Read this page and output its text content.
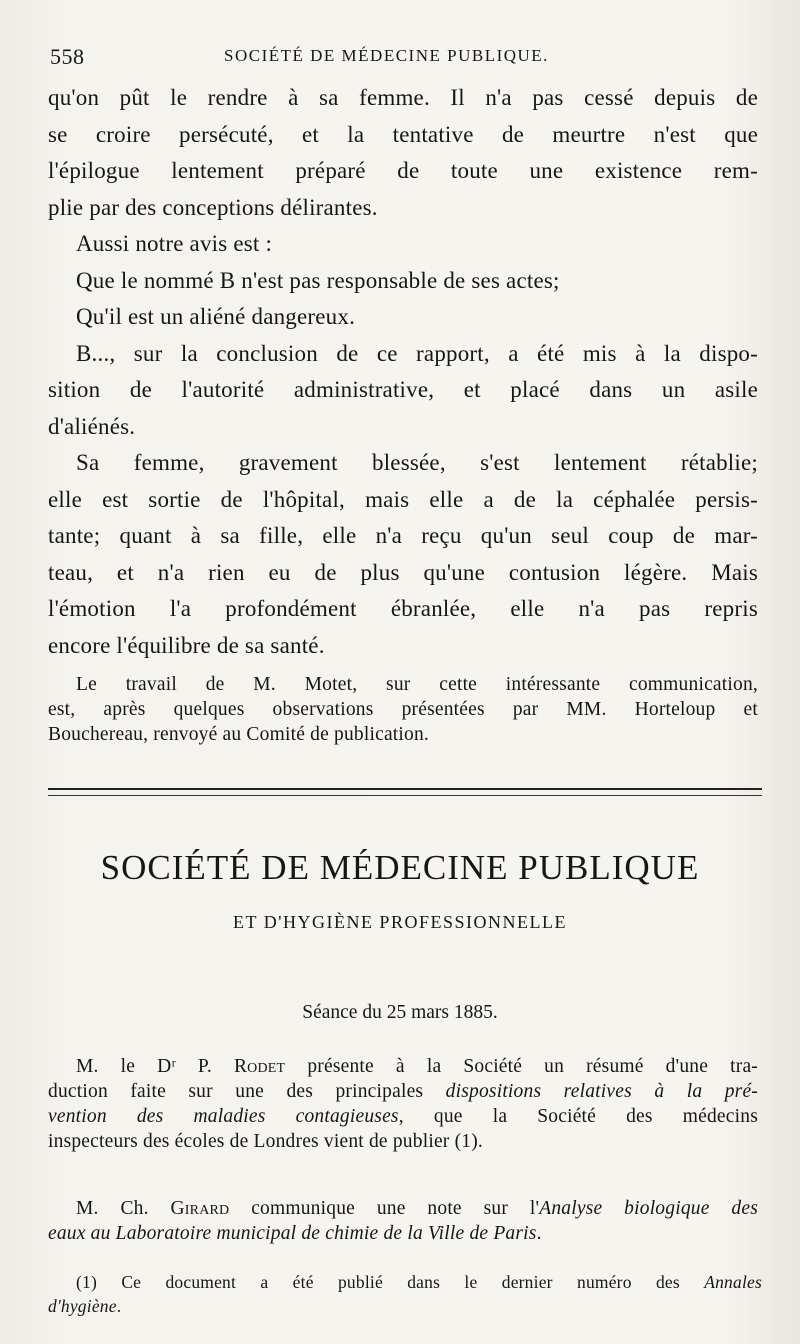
558	SOCIÉTÉ DE MÉDECINE PUBLIQUE.
qu'on pût le rendre à sa femme. Il n'a pas cessé depuis de
se croire persécuté, et la tentative de meurtre n'est que
l'épilogue lentement préparé de toute une existence rem-
plie par des conceptions délirantes.
Aussi notre avis est :
Que le nommé B n'est pas responsable de ses actes;
Qu'il est un aliéné dangereux.
B..., sur la conclusion de ce rapport, a été mis à la dispo-
sition de l'autorité administrative, et placé dans un asile
d'aliénés.
Sa femme, gravement blessée, s'est lentement rétablie;
elle est sortie de l'hôpital, mais elle a de la céphalée persis-
tante; quant à sa fille, elle n'a reçu qu'un seul coup de mar-
teau, et n'a rien eu de plus qu'une contusion légère. Mais
l'émotion l'a profondément ébranlée, elle n'a pas repris
encore l'équilibre de sa santé.
Le travail de M. Motet, sur cette intéressante communication,
est, après quelques observations présentées par MM. Horteloup et
Bouchereau, renvoyé au Comité de publication.
SOCIÉTÉ DE MÉDECINE PUBLIQUE
ET D'HYGIÈNE PROFESSIONNELLE
Séance du 25 mars 1885.
M. le Dʳ P. Rodet présente à la Société un résumé d'une tra-
duction faite sur une des principales dispositions relatives à la pré-
vention des maladies contagieuses, que la Société des médecins
inspecteurs des écoles de Londres vient de publier (1).
M. Ch. Girard communique une note sur l'Analyse biologique des
eaux au Laboratoire municipal de chimie de la Ville de Paris.
(1) Ce document a été publié dans le dernier numéro des Annales
d'hygiène.
